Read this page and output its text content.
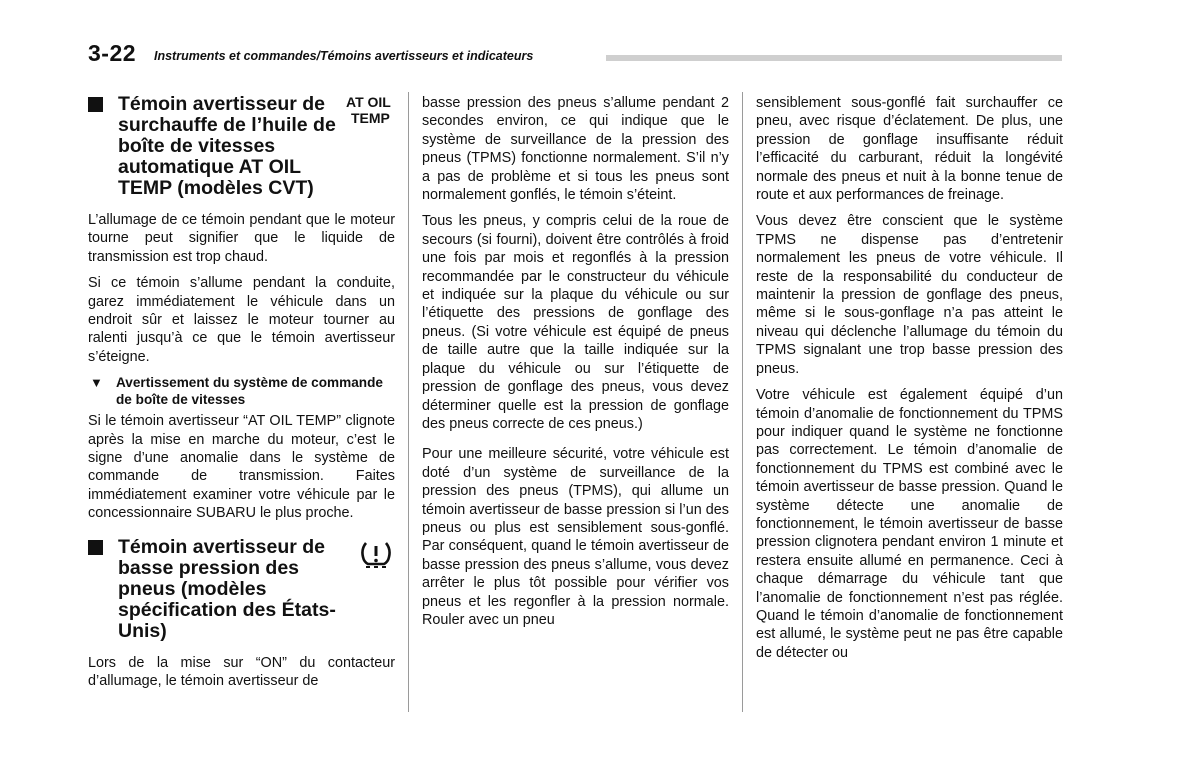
3-22 Instruments et commandes/Témoins avertisseurs et indicateurs
Témoin avertisseur de surchauffe de l’huile de boîte de vitesses automatique AT OIL TEMP (modèles CVT)
AT OIL
TEMP

L’allumage de ce témoin pendant que le moteur tourne peut signifier que le liquide de transmission est trop chaud.

Si ce témoin s’allume pendant la conduite, garez immédiatement le véhicule dans un endroit sûr et laissez le moteur tourner au ralenti jusqu’à ce que le témoin avertisseur s’éteigne.

▼ Avertissement du système de commande de boîte de vitesses

Si le témoin avertisseur “AT OIL TEMP” clignote après la mise en marche du moteur, c’est le signe d’une anomalie dans le système de commande de transmission. Faites immédiatement examiner votre véhicule par le concessionnaire SUBARU le plus proche.

Témoin avertisseur de basse pression des pneus (modèles spécification des États-Unis)

Lors de la mise sur “ON” du contacteur d’allumage, le témoin avertisseur de

basse pression des pneus s’allume pendant 2 secondes environ, ce qui indique que le système de surveillance de la pression des pneus (TPMS) fonctionne normalement. S’il n’y a pas de problème et si tous les pneus sont normalement gonflés, le témoin s’éteint.

Tous les pneus, y compris celui de la roue de secours (si fourni), doivent être contrôlés à froid une fois par mois et regonflés à la pression recommandée par le constructeur du véhicule et indiquée sur la plaque du véhicule ou sur l’étiquette des pressions de gonflage des pneus. (Si votre véhicule est équipé de pneus de taille autre que la taille indiquée sur la plaque du véhicule ou sur l’étiquette de pression de gonflage des pneus, vous devez déterminer quelle est la pression de gonflage des pneus correcte de ces pneus.)

Pour une meilleure sécurité, votre véhicule est doté d’un système de surveillance de la pression des pneus (TPMS), qui allume un témoin avertisseur de basse pression si l’un des pneus ou plus est sensiblement sous-gonflé. Par conséquent, quand le témoin avertisseur de basse pression des pneus s’allume, vous devez arrêter le plus tôt possible pour vérifier vos pneus et les regonfler à la pression normale. Rouler avec un pneu

sensiblement sous-gonflé fait surchauffer ce pneu, avec risque d’éclatement. De plus, une pression de gonflage insuffisante réduit l’efficacité du carburant, réduit la longévité normale des pneus et nuit à la bonne tenue de route et aux performances de freinage.

Vous devez être conscient que le système TPMS ne dispense pas d’entretenir normalement les pneus de votre véhicule. Il reste de la responsabilité du conducteur de maintenir la pression de gonflage des pneus, même si le sous-gonflage n’a pas atteint le niveau qui déclenche l’allumage du témoin du TPMS signalant une trop basse pression des pneus.

Votre véhicule est également équipé d’un témoin d’anomalie de fonctionnement du TPMS pour indiquer quand le système ne fonctionne pas correctement. Le témoin d’anomalie de fonctionnement du TPMS est combiné avec le témoin avertisseur de basse pression. Quand le système détecte une anomalie de fonctionnement, le témoin avertisseur de basse pression clignotera pendant environ 1 minute et restera ensuite allumé en permanence. Ceci à chaque démarrage du véhicule tant que l’anomalie de fonctionnement n’est pas réglée. Quand le témoin d’anomalie de fonctionnement est allumé, le système peut ne pas être capable de détecter ou
